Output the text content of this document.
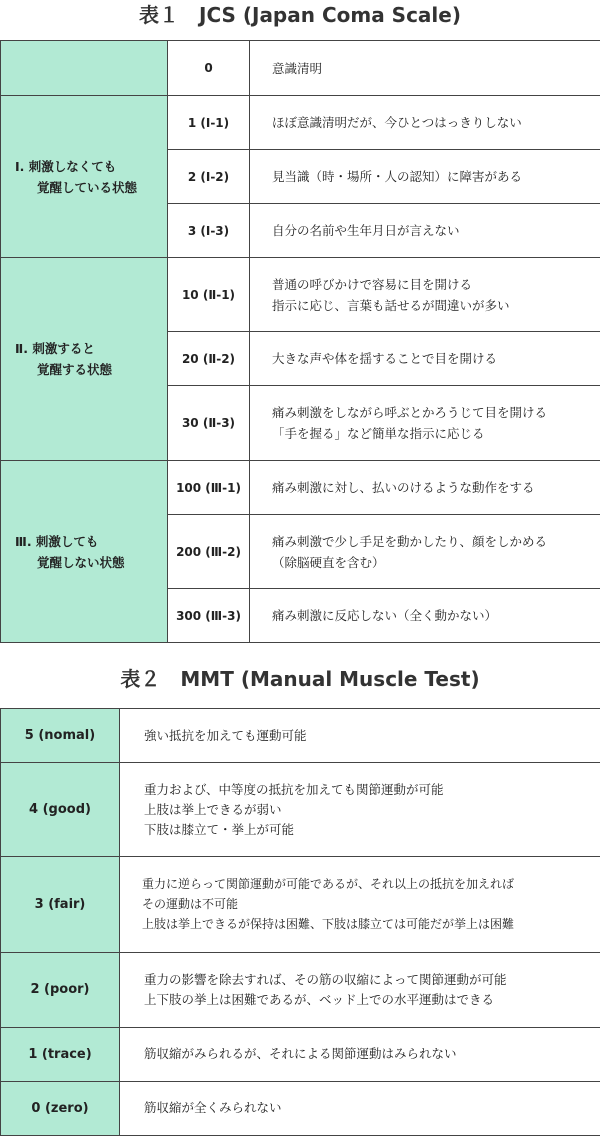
表１　JCS (Japan Coma Scale)
	0	意識清明

Ⅰ. 刺激しなくても
覚醒している状態	1 (Ⅰ-1)	ほぼ意識清明だが、今ひとつはっきりしない
	2 (Ⅰ-2)	見当識（時・場所・人の認知）に障害がある
	3 (Ⅰ-3)	自分の名前や生年月日が言えない

Ⅱ. 刺激すると
覚醒する状態	10 (Ⅱ-1)	普通の呼びかけで容易に目を開ける
指示に応じ、言葉も話せるが間違いが多い

	20 (Ⅱ-2)	大きな声や体を揺することで目を開ける
	30 (Ⅱ-3)	痛み刺激をしながら呼ぶとかろうじて目を開ける
「手を握る」など簡単な指示に応じる

Ⅲ. 刺激しても
覚醒しない状態	100 (Ⅲ-1)	痛み刺激に対し、払いのけるような動作をする
	200 (Ⅲ-2)	痛み刺激で少し手足を動かしたり、顔をしかめる
（除脳硬直を含む）

	300 (Ⅲ-3)	痛み刺激に反応しない（全く動かない）
表２　MMT (Manual Muscle Test)
5 (nomal)	強い抵抗を加えても運動可能
4 (good)	重力および、中等度の抵抗を加えても関節運動が可能
上肢は挙上できるが弱い
下肢は膝立て・挙上が可能

3 (fair)	重力に逆らって関節運動が可能であるが、それ以上の抵抗を加えれば
その運動は不可能
上肢は挙上できるが保持は困難、下肢は膝立ては可能だが挙上は困難

2 (poor)	重力の影響を除去すれば、その筋の収縮によって関節運動が可能
上下肢の挙上は困難であるが、ベッド上での水平運動はできる

1 (trace)	筋収縮がみられるが、それによる関節運動はみられない
0 (zero)	筋収縮が全くみられない
